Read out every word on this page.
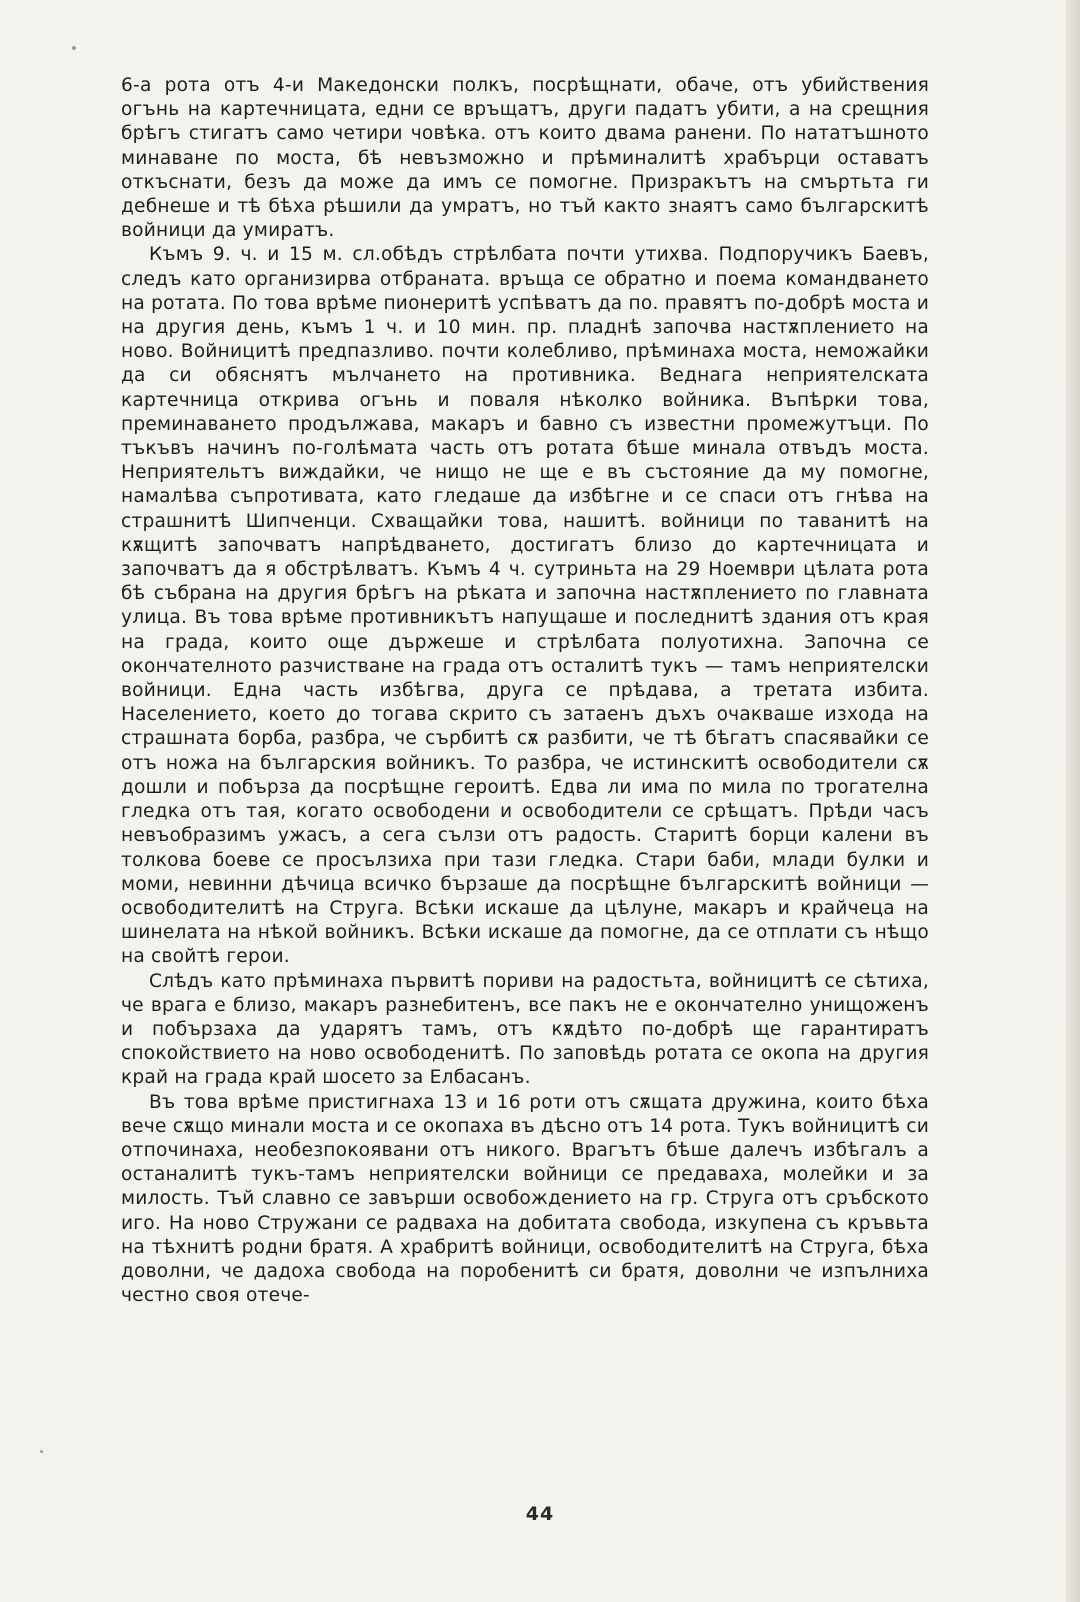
6-а рота отъ 4-и Македонски полкъ, посрѣщнати, обаче, отъ убийствения огънь на картечницата, едни се връщатъ, други падатъ убити, а на срещния брѣгъ стигатъ само четири човѣка. отъ които двама ранени. По нататъшното минаване по моста, бѣ невъзможно и прѣминалитѣ храбърци оставатъ откъснати, безъ да може да имъ се помогне. Призракътъ на смъртьта ги дебнеше и тѣ бѣха рѣшили да умратъ, но тъй както знаятъ само българскитѣ войници да умиратъ.

Къмъ 9. ч. и 15 м. сл.обѣдъ стрѣлбата почти утихва. Подпоручикъ Баевъ, следъ като организирва отбраната. връща се обратно и поема командването на ротата. По това врѣме пионеритѣ успѣватъ да по. правятъ по-добрѣ моста и на другия день, къмъ 1 ч. и 10 мин. пр. пладнѣ започва настѫплението на ново. Войницитѣ предпазливо. почти колебливо, прѣминаха моста, неможайки да си обяснятъ мълчането на противника. Веднага неприятелската картечница открива огънь и поваля нѣколко войника. Въпѣрки това, преминаването продължава, макаръ и бавно съ известни промежутъци. По тъкъвъ начинъ по-голѣмата часть отъ ротата бѣше минала отвъдъ моста. Неприятельтъ виждайки, че нищо не ще е въ състояние да му помогне, намалѣва съпротивата, като гледаше да избѣгне и се спаси отъ гнѣва на страшнитѣ Шипченци. Схващайки това, нашитѣ. войници по таванитѣ на кѫщитѣ започватъ напрѣдването, достигатъ близо до картечницата и започватъ да я обстрѣлватъ. Къмъ 4 ч. сутриньта на 29 Ноември цѣлата рота бѣ събрана на другия брѣгъ на рѣката и започна настѫплението по главната улица. Въ това врѣме противникътъ напущаше и последнитѣ здания отъ края на града, които още държеше и стрѣлбата полуотихна. Започна се окончателното разчистване на града отъ осталитѣ тукъ — тамъ неприятелски войници. Една часть избѣгва, друга се прѣдава, а третата избита. Населението, което до тогава скрито съ затаенъ дъхъ очакваше изхода на страшната борба, разбра, че сърбитѣ сѫ разбити, че тѣ бѣгатъ спасявайки се отъ ножа на българския войникъ. То разбра, че истинскитѣ освободители сѫ дошли и побърза да посрѣщне героитѣ. Едва ли има по мила по трогателна гледка отъ тая, когато освободени и освободители се срѣщатъ. Прѣди часъ невъобразимъ ужасъ, а сега сълзи отъ радость. Старитѣ борци калени въ толкова боеве се просълзиха при тази гледка. Стари баби, млади булки и моми, невинни дѣчица всичко бързаше да посрѣщне българскитѣ войници — освободителитѣ на Струга. Всѣки искаше да цѣлуне, макаръ и крайчеца на шинелата на нѣкой войникъ. Всѣки искаше да помогне, да се отплати съ нѣщо на свойтѣ герои.

Слѣдъ като прѣминаха първитѣ пориви на радостьта, войницитѣ се сѣтиха, че врага е близо, макаръ разнебитенъ, все пакъ не е окончателно унищоженъ и побързаха да ударятъ тамъ, отъ кѫдѣто по-добрѣ ще гарантиратъ спокойствието на ново освободенитѣ. По заповѣдь ротата се окопа на другия край на града край шосето за Елбасанъ.

Въ това врѣме пристигнаха 13 и 16 роти отъ сѫщата дружина, които бѣха вече сѫщо минали моста и се окопаха въ дѣсно отъ 14 рота. Тукъ войницитѣ си отпочинаха, необезпокоявани отъ никого. Врагътъ бѣше далечъ избѣгалъ а останалитѣ тукъ-тамъ неприятелски войници се предаваха, молейки и за милость. Тъй славно се завърши освобождението на гр. Струга отъ сръбското иго. На ново Стружани се радваха на добитата свобода, изкупена съ кръвьта на тѣхнитѣ родни братя. А храбритѣ войници, освободителитѣ на Струга, бѣха доволни, че дадоха свобода на поробенитѣ си братя, доволни че изпълниха честно своя отече-

44
